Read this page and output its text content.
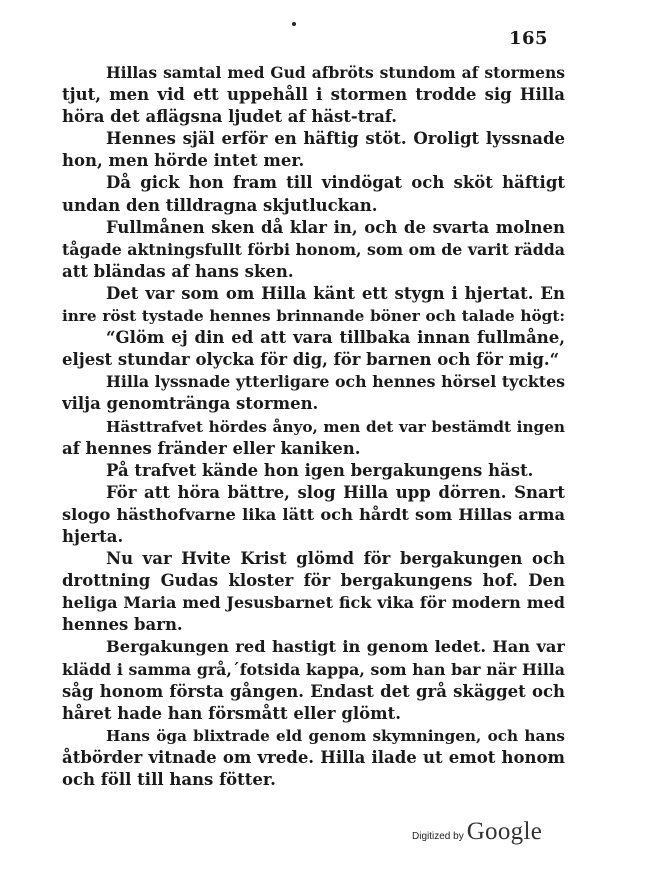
165
Hillas samtal med Gud afbröts stundom af stormens
tjut, men vid ett uppehåll i stormen trodde sig Hilla
höra det aflägsna ljudet af häst-traf.
Hennes själ erför en häftig stöt. Oroligt lyssnade
hon, men hörde intet mer.
Då gick hon fram till vindögat och sköt häftigt
undan den tilldragna skjutluckan.
Fullmånen sken då klar in, och de svarta molnen
tågade aktningsfullt förbi honom, som om de varit rädda
att bländas af hans sken.
Det var som om Hilla känt ett stygn i hjertat. En
inre röst tystade hennes brinnande böner och talade högt:
“Glöm ej din ed att vara tillbaka innan fullmåne,
eljest stundar olycka för dig, för barnen och för mig.“
Hilla lyssnade ytterligare och hennes hörsel tycktes
vilja genomtränga stormen.
Hästtrafvet hördes ånyo, men det var bestämdt ingen
af hennes fränder eller kaniken.
På trafvet kände hon igen bergakungens häst.
För att höra bättre, slog Hilla upp dörren. Snart
slogo hästhofvarne lika lätt och hårdt som Hillas arma
hjerta.
Nu var Hvite Krist glömd för bergakungen och
drottning Gudas kloster för bergakungens hof. Den
heliga Maria med Jesusbarnet fick vika för modern med
hennes barn.
Bergakungen red hastigt in genom ledet. Han var
klädd i samma grå,´fotsida kappa, som han bar när Hilla
såg honom första gången. Endast det grå skägget och
håret hade han försmått eller glömt.
Hans öga blixtrade eld genom skymningen, och hans
åtbörder vitnade om vrede. Hilla ilade ut emot honom
och föll till hans fötter.
Digitized by Google
